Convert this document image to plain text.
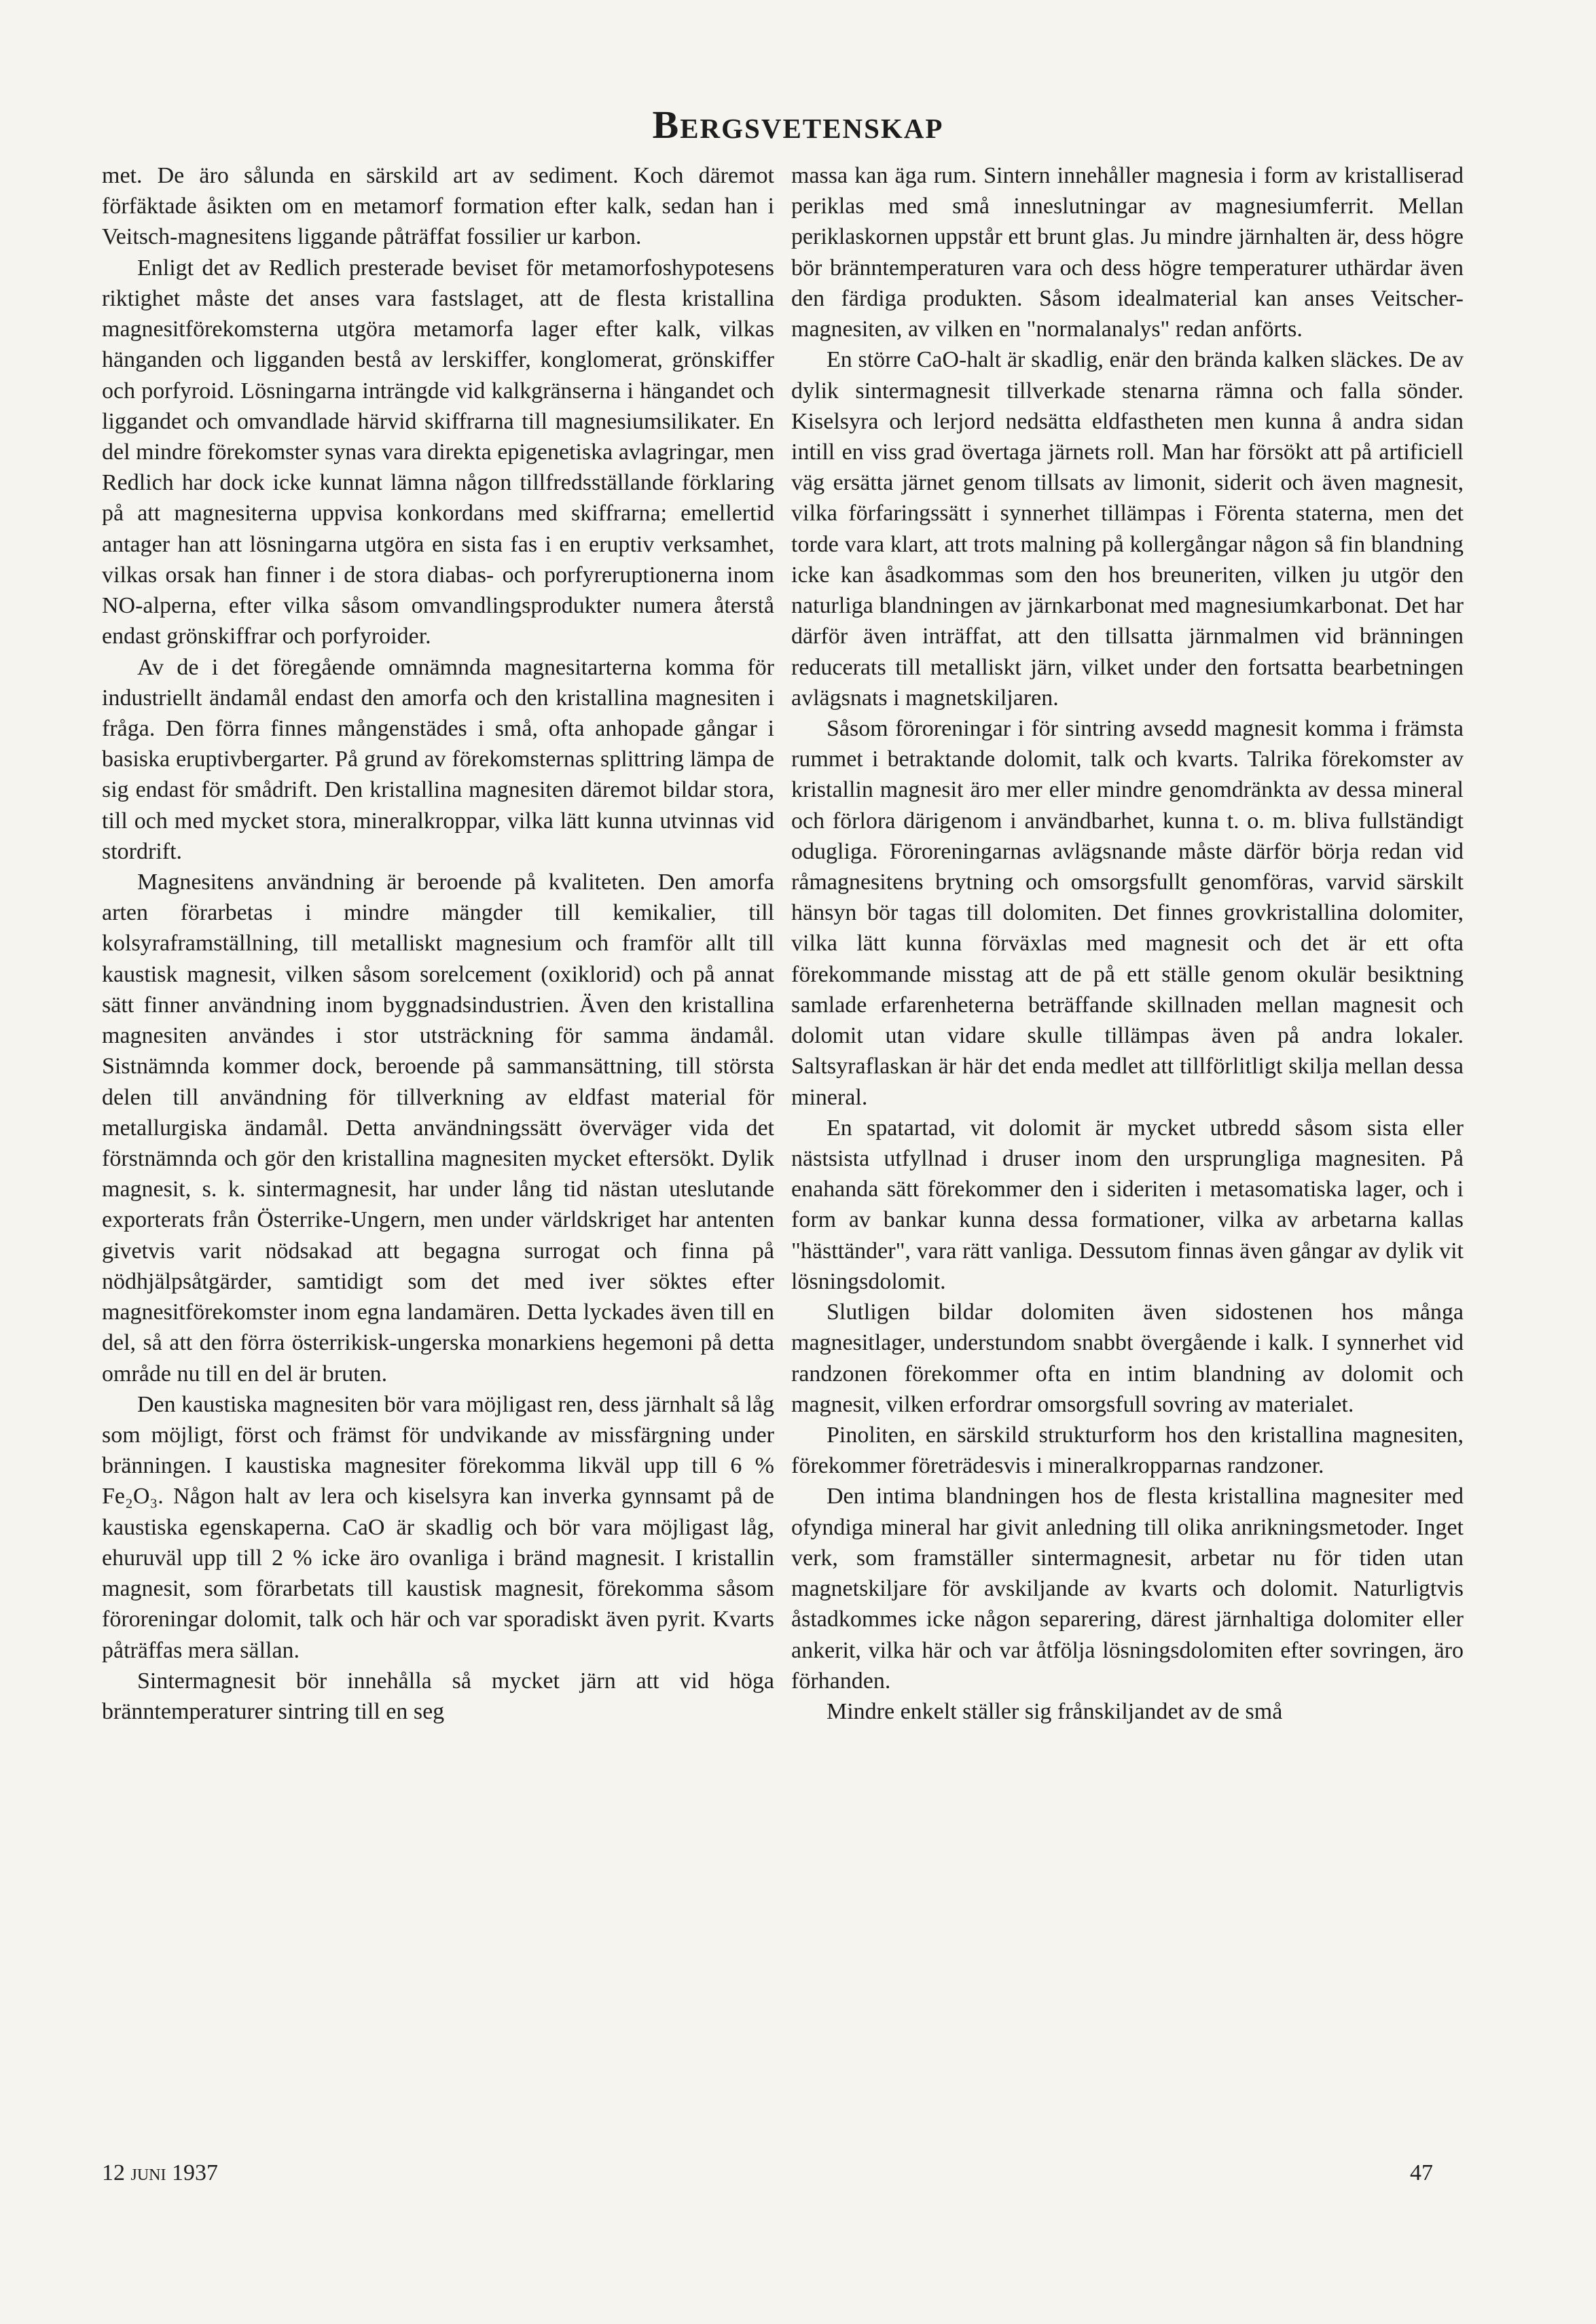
Bergsvetenskap

met. De äro sålunda en särskild art av sediment. Koch däremot förfäktade åsikten om en metamorf formation efter kalk, sedan han i Veitsch-magnesitens liggande påträffat fossilier ur karbon.

Enligt det av Redlich presterade beviset för metamorfoshypotesens riktighet måste det anses vara fastslaget, att de flesta kristallina magnesitförekomsterna utgöra metamorfa lager efter kalk, vilkas hänganden och ligganden bestå av lerskiffer, konglomerat, grönskiffer och porfyroid. Lösningarna inträngde vid kalkgränserna i hängandet och liggandet och omvandlade härvid skiffrarna till magnesiumsilikater. En del mindre förekomster synas vara direkta epigenetiska avlagringar, men Redlich har dock icke kunnat lämna någon tillfredsställande förklaring på att magnesiterna uppvisa konkordans med skiffrarna; emellertid antager han att lösningarna utgöra en sista fas i en eruptiv verksamhet, vilkas orsak han finner i de stora diabas- och porfyreruptionerna inom NO-alperna, efter vilka såsom omvandlingsprodukter numera återstå endast grönskiffrar och porfyroider.

Av de i det föregående omnämnda magnesitarterna komma för industriellt ändamål endast den amorfa och den kristallina magnesiten i fråga. Den förra finnes mångenstädes i små, ofta anhopade gångar i basiska eruptivbergarter. På grund av förekomsternas splittring lämpa de sig endast för smådrift. Den kristallina magnesiten däremot bildar stora, till och med mycket stora, mineralkroppar, vilka lätt kunna utvinnas vid stordrift.

Magnesitens användning är beroende på kvaliteten. Den amorfa arten förarbetas i mindre mängder till kemikalier, till kolsyraframställning, till metalliskt magnesium och framför allt till kaustisk magnesit, vilken såsom sorelcement (oxiklorid) och på annat sätt finner användning inom byggnadsindustrien. Även den kristallina magnesiten användes i stor utsträckning för samma ändamål. Sistnämnda kommer dock, beroende på sammansättning, till största delen till användning för tillverkning av eldfast material för metallurgiska ändamål. Detta användningssätt överväger vida det förstnämnda och gör den kristallina magnesiten mycket eftersökt. Dylik magnesit, s. k. sintermagnesit, har under lång tid nästan uteslutande exporterats från Österrike-Ungern, men under världskriget har antenten givetvis varit nödsakad att begagna surrogat och finna på nödhjälpsåtgärder, samtidigt som det med iver söktes efter magnesitförekomster inom egna landamären. Detta lyckades även till en del, så att den förra österrikisk-ungerska monarkiens hegemoni på detta område nu till en del är bruten.

Den kaustiska magnesiten bör vara möjligast ren, dess järnhalt så låg som möjligt, först och främst för undvikande av missfärgning under bränningen. I kaustiska magnesiter förekomma likväl upp till 6 % Fe₂O₃. Någon halt av lera och kiselsyra kan inverka gynnsamt på de kaustiska egenskaperna. CaO är skadlig och bör vara möjligast låg, ehuruväl upp till 2 % icke äro ovanliga i bränd magnesit. I kristallin magnesit, som förarbetats till kaustisk magnesit, förekomma såsom föroreningar dolomit, talk och här och var sporadiskt även pyrit. Kvarts påträffas mera sällan.

Sintermagnesit bör innehålla så mycket järn att vid höga bränntemperaturer sintring till en seg

massa kan äga rum. Sintern innehåller magnesia i form av kristalliserad periklas med små inneslutningar av magnesiumferrit. Mellan periklaskornen uppstår ett brunt glas. Ju mindre järnhalten är, dess högre bör bränntemperaturen vara och dess högre temperaturer uthärdar även den färdiga produkten. Såsom idealmaterial kan anses Veitscher-magnesiten, av vilken en "normalanalys" redan anförts.

En större CaO-halt är skadlig, enär den brända kalken släckes. De av dylik sintermagnesit tillverkade stenarna rämna och falla sönder. Kiselsyra och lerjord nedsätta eldfastheten men kunna å andra sidan intill en viss grad övertaga järnets roll. Man har försökt att på artificiell väg ersätta järnet genom tillsats av limonit, siderit och även magnesit, vilka förfaringssätt i synnerhet tillämpas i Förenta staterna, men det torde vara klart, att trots malning på kollergångar någon så fin blandning icke kan åsadkommas som den hos breuneriten, vilken ju utgör den naturliga blandningen av järnkarbonat med magnesiumkarbonat. Det har därför även inträffat, att den tillsatta järnmalmen vid bränningen reducerats till metalliskt järn, vilket under den fortsatta bearbetningen avlägsnats i magnetskiljaren.

Såsom föroreningar i för sintring avsedd magnesit komma i främsta rummet i betraktande dolomit, talk och kvarts. Talrika förekomster av kristallin magnesit äro mer eller mindre genomdränkta av dessa mineral och förlora därigenom i användbarhet, kunna t. o. m. bliva fullständigt odugliga. Föroreningarnas avlägsnande måste därför börja redan vid råmagnesitens brytning och omsorgsfullt genomföras, varvid särskilt hänsyn bör tagas till dolomiten. Det finnes grovkristallina dolomiter, vilka lätt kunna förväxlas med magnesit och det är ett ofta förekommande misstag att de på ett ställe genom okulär besiktning samlade erfarenheterna beträffande skillnaden mellan magnesit och dolomit utan vidare skulle tillämpas även på andra lokaler. Saltsyraflaskan är här det enda medlet att tillförlitligt skilja mellan dessa mineral.

En spatartad, vit dolomit är mycket utbredd såsom sista eller nästsista utfyllnad i druser inom den ursprungliga magnesiten. På enahanda sätt förekommer den i sideriten i metasomatiska lager, och i form av bankar kunna dessa formationer, vilka av arbetarna kallas "hästtänder", vara rätt vanliga. Dessutom finnas även gångar av dylik vit lösningsdolomit.

Slutligen bildar dolomiten även sidostenen hos många magnesitlager, understundom snabbt övergående i kalk. I synnerhet vid randzonen förekommer ofta en intim blandning av dolomit och magnesit, vilken erfordrar omsorgsfull sovring av materialet.

Pinoliten, en särskild strukturform hos den kristallina magnesiten, förekommer företrädesvis i mineralkropparnas randzoner.

Den intima blandningen hos de flesta kristallina magnesiter med ofyndiga mineral har givit anledning till olika anrikningsmetoder. Inget verk, som framställer sintermagnesit, arbetar nu för tiden utan magnetskiljare för avskiljande av kvarts och dolomit. Naturligtvis åstadkommes icke någon separering, därest järnhaltiga dolomiter eller ankerit, vilka här och var åtfölja lösningsdolomiten efter sovringen, äro förhanden.

Mindre enkelt ställer sig frånskiljandet av de små

12 juni 1937	47
